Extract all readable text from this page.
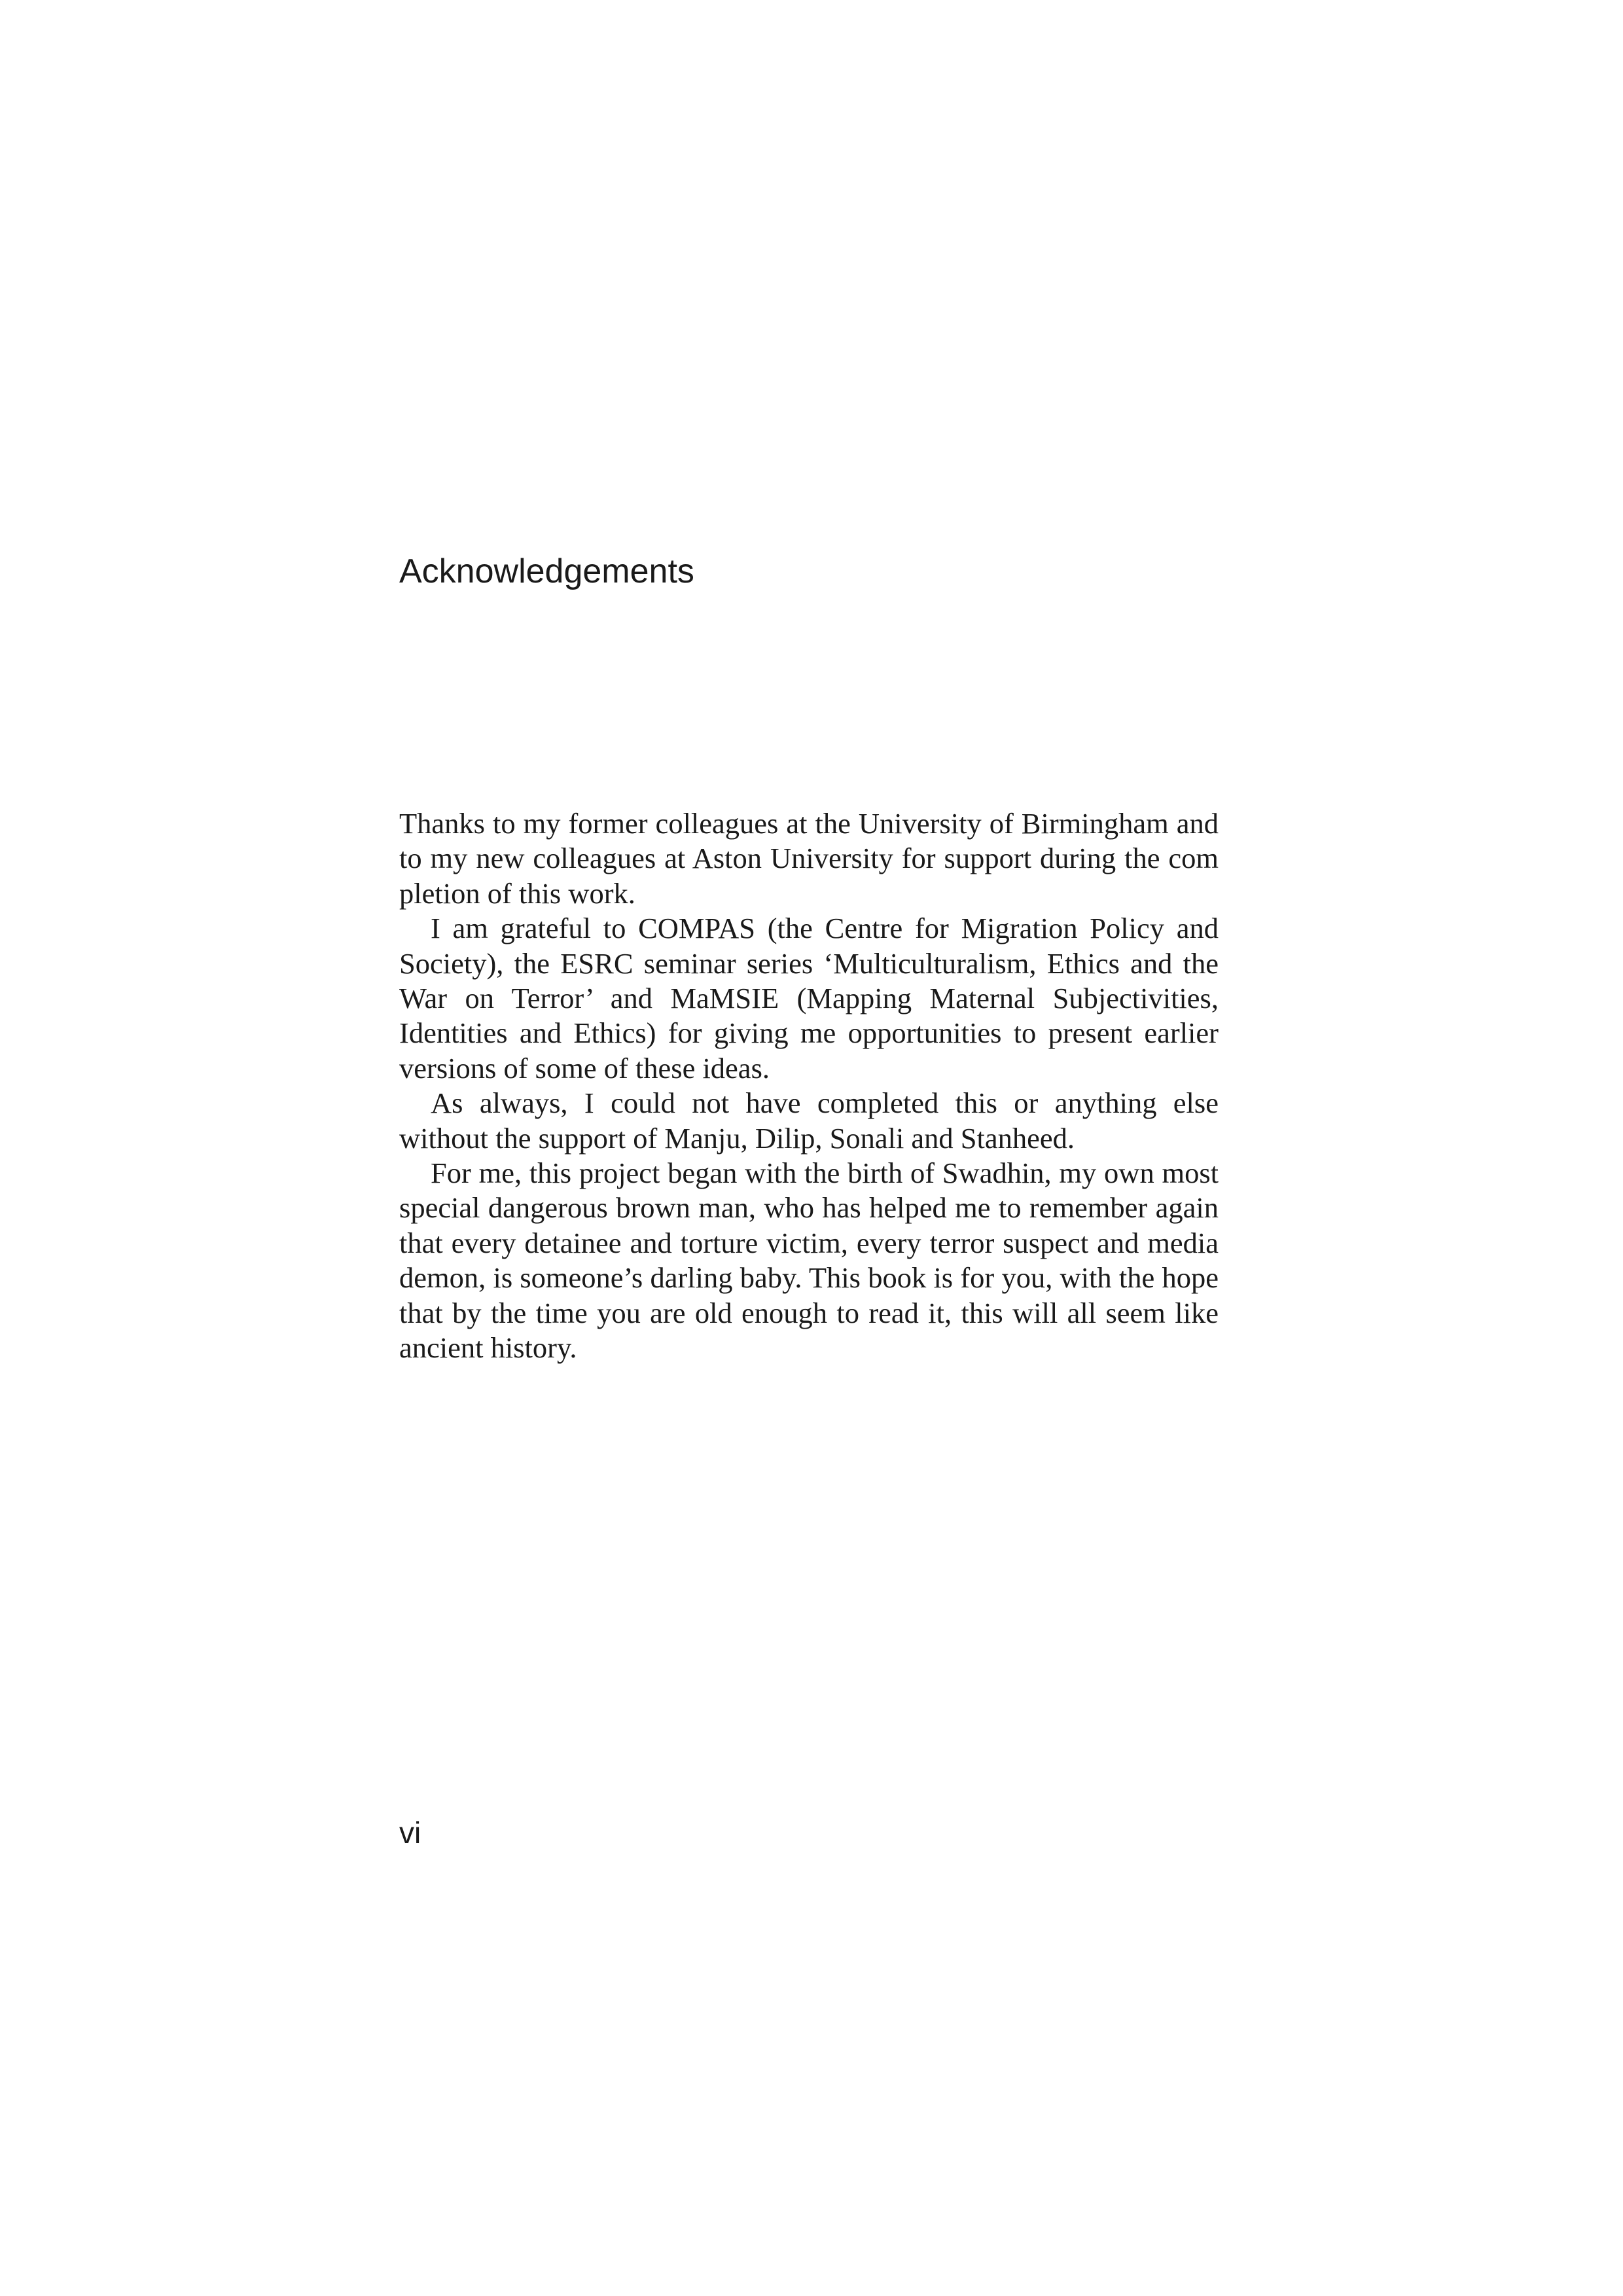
Acknowledgements

Thanks to my former colleagues at the University of Birmingham and to my new colleagues at Aston University for support during the com pletion of this work.

I am grateful to COMPAS (the Centre for Migration Policy and Society), the ESRC seminar series ‘Multiculturalism, Ethics and the War on Terror’ and MaMSIE (Mapping Maternal Subjectivities, Identities and Ethics) for giving me opportunities to present earlier versions of some of these ideas.

As always, I could not have completed this or anything else without the support of Manju, Dilip, Sonali and Stanheed.

For me, this project began with the birth of Swadhin, my own most special dangerous brown man, who has helped me to remember again that every detainee and torture victim, every terror suspect and media demon, is someone’s darling baby. This book is for you, with the hope that by the time you are old enough to read it, this will all seem like ancient history.

vi
